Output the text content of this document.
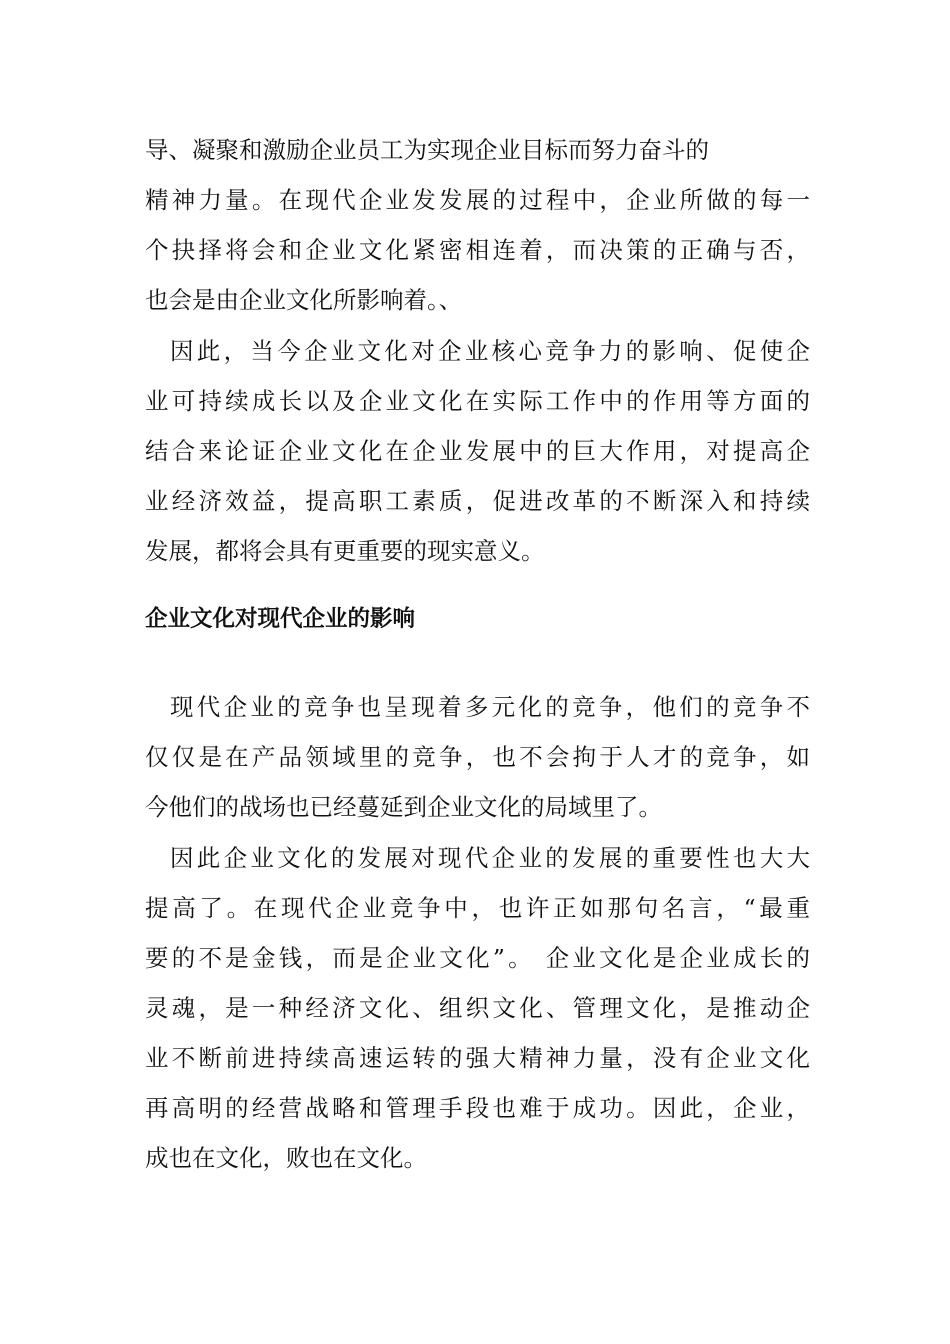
导、凝聚和激励企业员工为实现企业目标而努力奋斗的

精神力量。在现代企业发发展的过程中，企业所做的每一

个抉择将会和企业文化紧密相连着，而决策的正确与否，

也会是由企业文化所影响着。、

因此，当今企业文化对企业核心竞争力的影响、促使企

业可持续成长以及企业文化在实际工作中的作用等方面的

结合来论证企业文化在企业发展中的巨大作用，对提高企

业经济效益，提高职工素质，促进改革的不断深入和持续

发展，都将会具有更重要的现实意义。

企业文化对现代企业的影响

现代企业的竞争也呈现着多元化的竞争，他们的竞争不

仅仅是在产品领域里的竞争，也不会拘于人才的竞争，如

今他们的战场也已经蔓延到企业文化的局域里了。

因此企业文化的发展对现代企业的发展的重要性也大大

提高了。在现代企业竞争中，也许正如那句名言，“最重

要的不是金钱，而是企业文化”。 企业文化是企业成长的

灵魂，是一种经济文化、组织文化、管理文化，是推动企

业不断前进持续高速运转的强大精神力量，没有企业文化

再高明的经营战略和管理手段也难于成功。因此，企业，

成也在文化，败也在文化。
